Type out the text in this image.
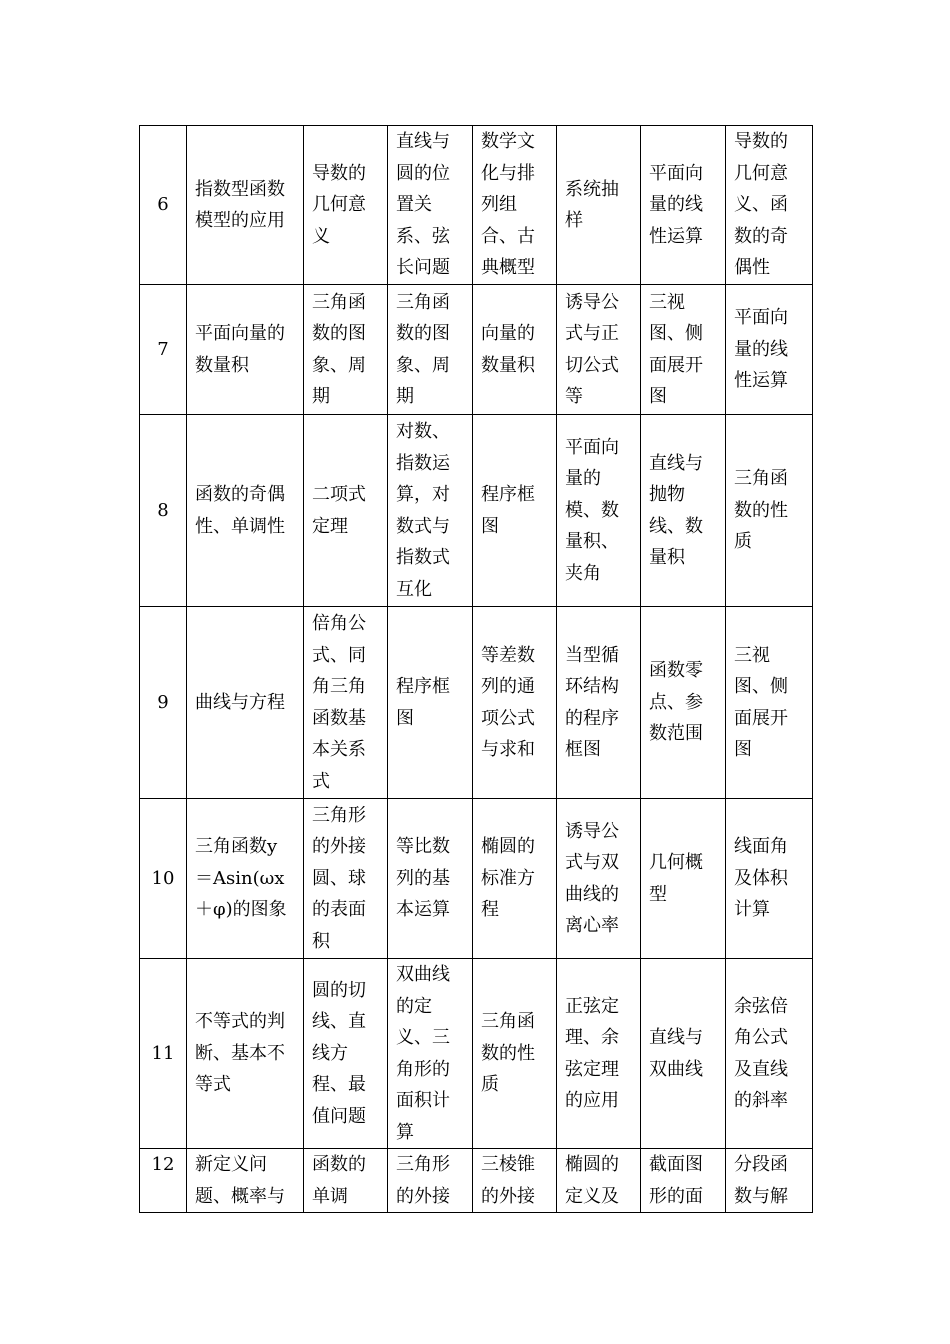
6	指数型函数模型的应用	导数的几何意义	直线与圆的位置关系、弦长问题	数学文化与排列组合、古典概型	系统抽样	平面向量的线性运算	导数的几何意义、函数的奇偶性
7	平面向量的数量积	三角函数的图象、周期	三角函数的图象、周期	向量的数量积	诱导公式与正切公式等	三视图、侧面展开图	平面向量的线性运算
8	函数的奇偶性、单调性	二项式定理	对数、指数运算，对数式与指数式互化	程序框图	平面向量的模、数量积、夹角	直线与抛物线、数量积	三角函数的性质
9	曲线与方程	倍角公式、同角三角函数基本关系式	程序框图	等差数列的通项公式与求和	当型循环结构的程序框图	函数零点、参数范围	三视图、侧面展开图
10	三角函数y＝Asin(ωx＋φ)的图象	三角形的外接圆、球的表面积	等比数列的基本运算	椭圆的标准方程	诱导公式与双曲线的离心率	几何概型	线面角及体积计算
11	不等式的判断、基本不等式	圆的切线、直线方程、最值问题	双曲线的定义、三角形的面积计算	三角函数的性质	正弦定理、余弦定理的应用	直线与双曲线	余弦倍角公式及直线的斜率
12	新定义问题、概率与	函数的单调	三角形的外接	三棱锥的外接	椭圆的定义及	截面图形的面	分段函数与解
